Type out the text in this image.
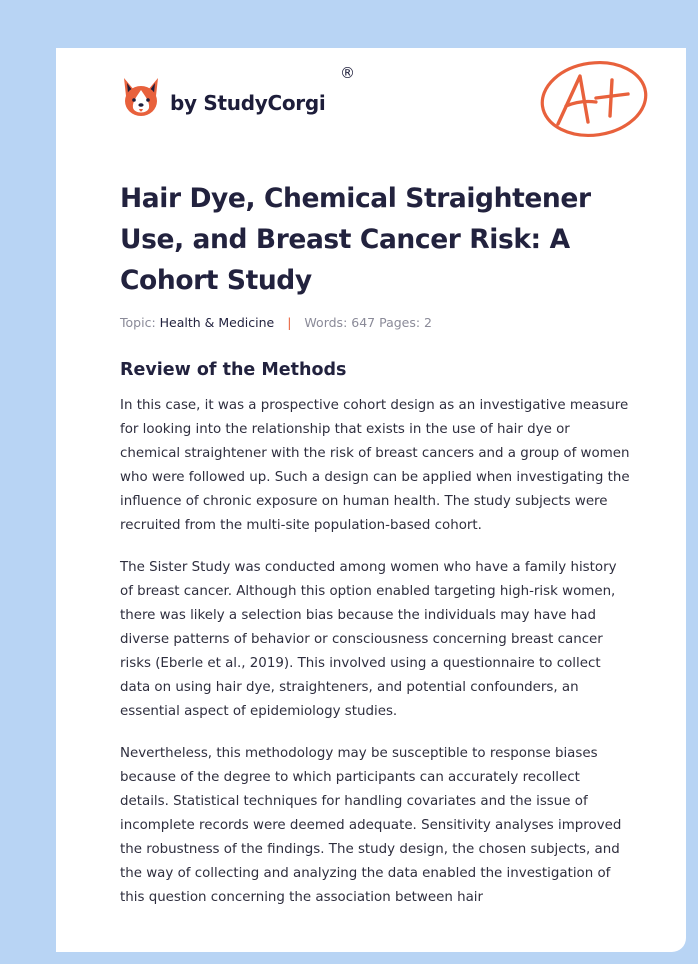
by StudyCorgi
®
Hair Dye, Chemical Straightener Use, and Breast Cancer Risk: A Cohort Study
Topic: Health & Medicine | Words: 647 Pages: 2
Review of the Methods

In this case, it was a prospective cohort design as an investigative measure for looking into the relationship that exists in the use of hair dye or chemical straightener with the risk of breast cancers and a group of women who were followed up. Such a design can be applied when investigating the influence of chronic exposure on human health. The study subjects were recruited from the multi-site population-based cohort.

The Sister Study was conducted among women who have a family history of breast cancer. Although this option enabled targeting high-risk women, there was likely a selection bias because the individuals may have had diverse patterns of behavior or consciousness concerning breast cancer risks (Eberle et al., 2019). This involved using a questionnaire to collect data on using hair dye, straighteners, and potential confounders, an essential aspect of epidemiology studies.

Nevertheless, this methodology may be susceptible to response biases because of the degree to which participants can accurately recollect details. Statistical techniques for handling covariates and the issue of incomplete records were deemed adequate. Sensitivity analyses improved the robustness of the findings. The study design, the chosen subjects, and the way of collecting and analyzing the data enabled the investigation of this question concerning the association between hair
